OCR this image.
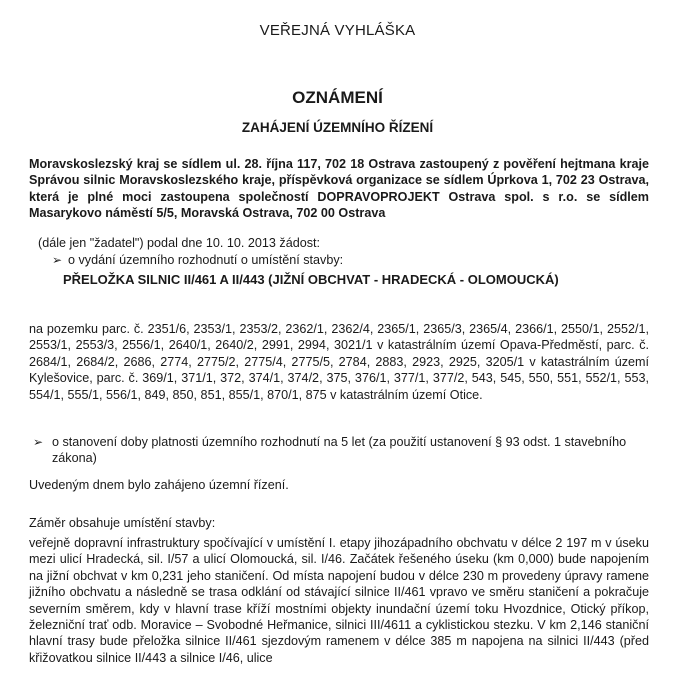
VEŘEJNÁ VYHLÁŠKA
OZNÁMENÍ
ZAHÁJENÍ ÚZEMNÍHO ŘÍZENÍ
Moravskoslezský kraj se sídlem ul. 28. října 117, 702 18 Ostrava zastoupený z pověření hejtmana kraje Správou silnic Moravskoslezského kraje, příspěvková organizace se sídlem Úprkova 1, 702 23 Ostrava, která je plné moci zastoupena společností DOPRAVOPROJEKT Ostrava spol. s r.o. se sídlem Masarykovo náměstí 5/5, Moravská Ostrava, 702 00 Ostrava
(dále jen "žadatel") podal dne 10. 10. 2013 žádost:
➢ o vydání územního rozhodnutí o umístění stavby:
PŘELOŽKA SILNIC II/461 A II/443 (JIŽNÍ OBCHVAT - HRADECKÁ - OLOMOUCKÁ)
na pozemku parc. č. 2351/6, 2353/1, 2353/2, 2362/1, 2362/4, 2365/1, 2365/3, 2365/4, 2366/1, 2550/1, 2552/1, 2553/1, 2553/3, 2556/1, 2640/1, 2640/2, 2991, 2994, 3021/1 v katastrálním území Opava-Předměstí, parc. č. 2684/1, 2684/2, 2686, 2774, 2775/2, 2775/4, 2775/5, 2784, 2883, 2923, 2925, 3205/1 v katastrálním území Kylešovice, parc. č. 369/1, 371/1, 372, 374/1, 374/2, 375, 376/1, 377/1, 377/2, 543, 545, 550, 551, 552/1, 553, 554/1, 555/1, 556/1, 849, 850, 851, 855/1, 870/1, 875 v katastrálním území Otice.
➢ o stanovení doby platnosti územního rozhodnutí na 5 let (za použití ustanovení § 93 odst. 1 stavebního zákona)
Uvedeným dnem bylo zahájeno územní řízení.
Záměr obsahuje umístění stavby:
veřejně dopravní infrastruktury spočívající v umístění I. etapy jihozápadního obchvatu v délce 2 197 m v úseku mezi ulicí Hradecká, sil. I/57 a ulicí Olomoucká, sil. I/46. Začátek řešeného úseku (km 0,000) bude napojením na jižní obchvat v km 0,231 jeho staničení. Od místa napojení budou v délce 230 m provedeny úpravy ramene jižního obchvatu a následně se trasa odklání od stávající silnice II/461 vpravo ve směru staničení a pokračuje severním směrem, kdy v hlavní trase kříží mostními objekty inundační území toku Hvozdnice, Otický příkop, železniční trať odb. Moravice – Svobodné Heřmanice, silnici III/4611 a cyklistickou stezku. V km 2,146 staniční hlavní trasy bude přeložka silnice II/461 sjezdovým ramenem v délce 385 m napojena na silnici II/443 (před křižovatkou silnice II/443 a silnice I/46, ulice
